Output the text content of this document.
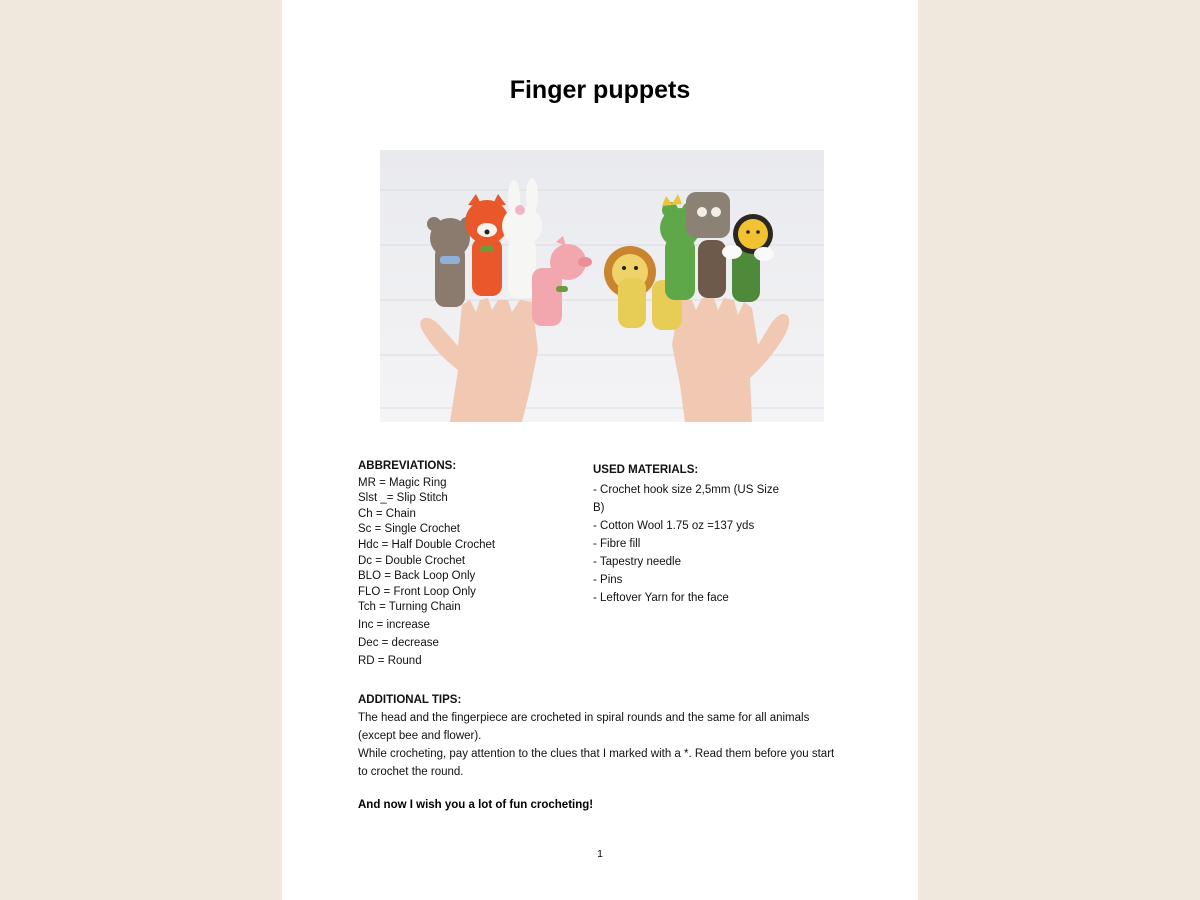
Finger puppets
ABBREVIATIONS:
MR = Magic Ring
Slst _= Slip Stitch
Ch = Chain
Sc = Single Crochet
Hdc = Half Double Crochet
Dc = Double Crochet
BLO = Back Loop Only
FLO = Front Loop Only
Tch = Turning Chain
Inc = increase
Dec = decrease
RD = Round
USED MATERIALS:
- Crochet hook size 2,5mm (US Size B)
- Cotton Wool 1.75 oz =137 yds
- Fibre fill
- Tapestry needle
- Pins
- Leftover Yarn for the face
ADDITIONAL TIPS:
The head and the fingerpiece are crocheted in spiral rounds and the same for all animals (except bee and flower).
While crocheting, pay attention to the clues that I marked with a *. Read them before you start to crochet the round.
And now I wish you a lot of fun crocheting!
1
